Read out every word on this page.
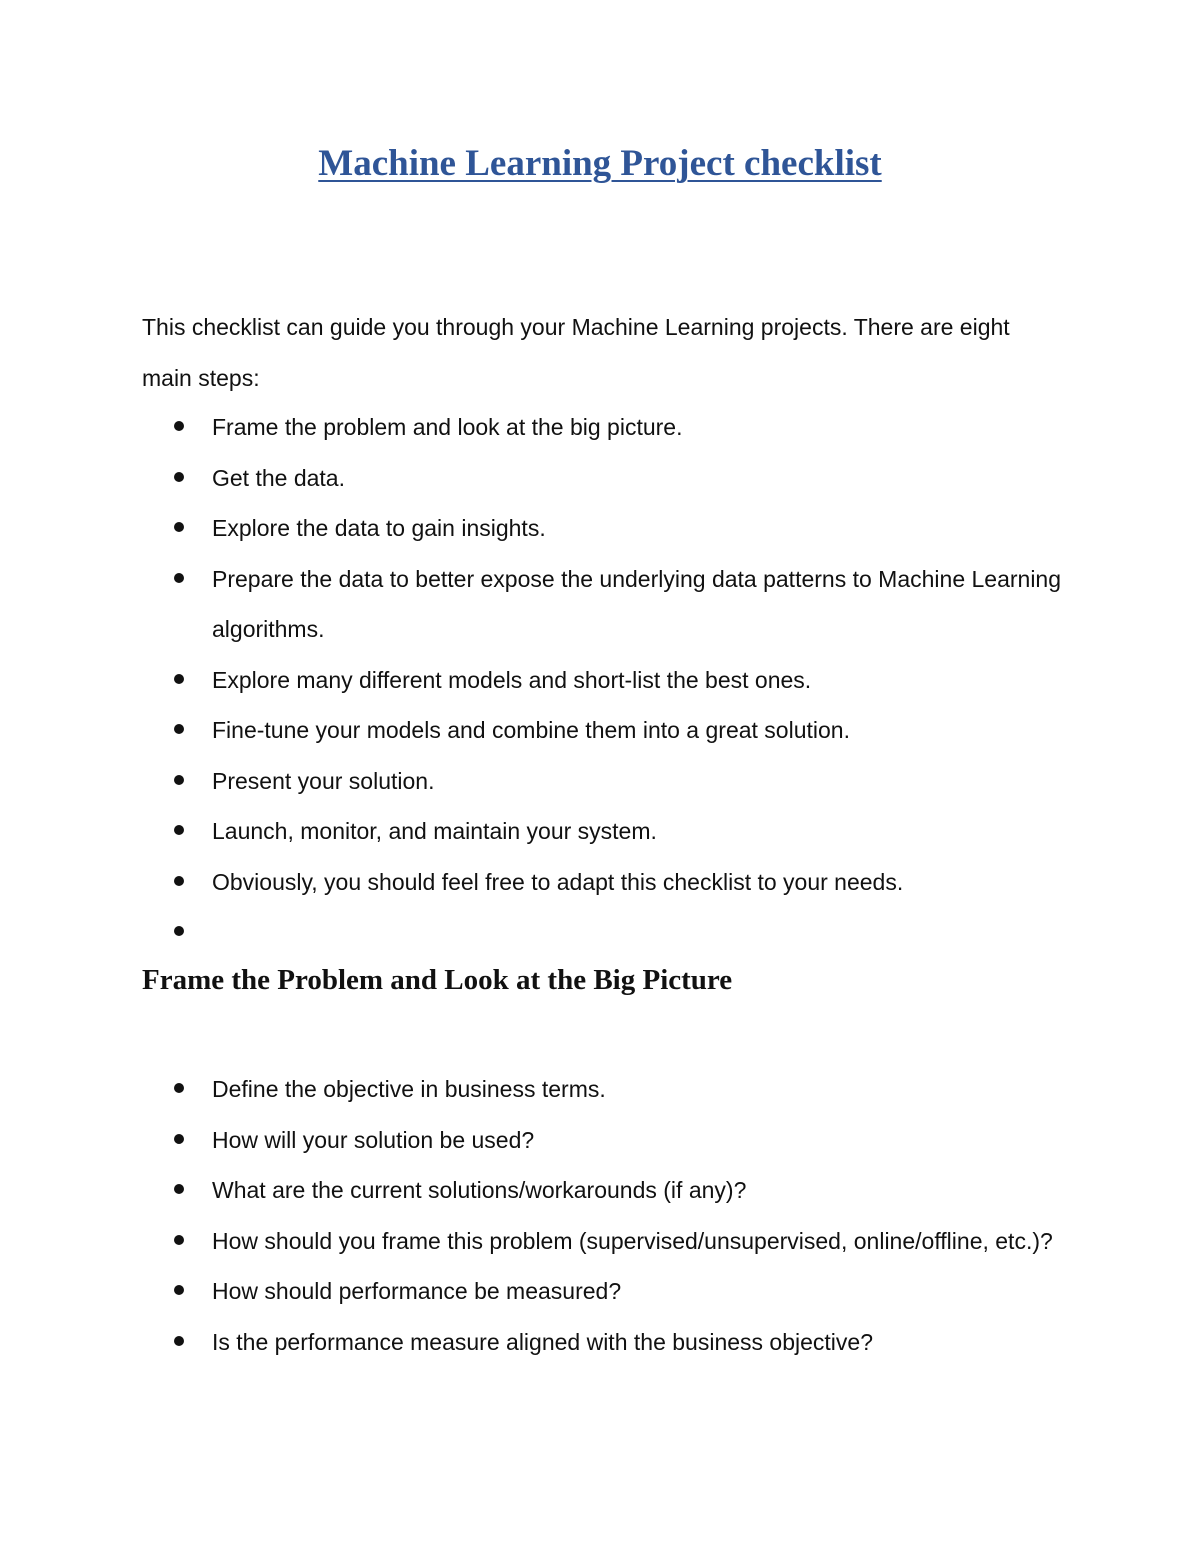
Machine Learning Project checklist

This checklist can guide you through your Machine Learning projects. There are eight main steps:

Frame the problem and look at the big picture.
Get the data.
Explore the data to gain insights.
Prepare the data to better expose the underlying data patterns to Machine Learning algorithms.
Explore many different models and short-list the best ones.
Fine-tune your models and combine them into a great solution.
Present your solution.
Launch, monitor, and maintain your system.
Obviously, you should feel free to adapt this checklist to your needs.
Frame the Problem and Look at the Big Picture
Define the objective in business terms.
How will your solution be used?
What are the current solutions/workarounds (if any)?
How should you frame this problem (supervised/unsupervised, online/offline, etc.)?
How should performance be measured?
Is the performance measure aligned with the business objective?
